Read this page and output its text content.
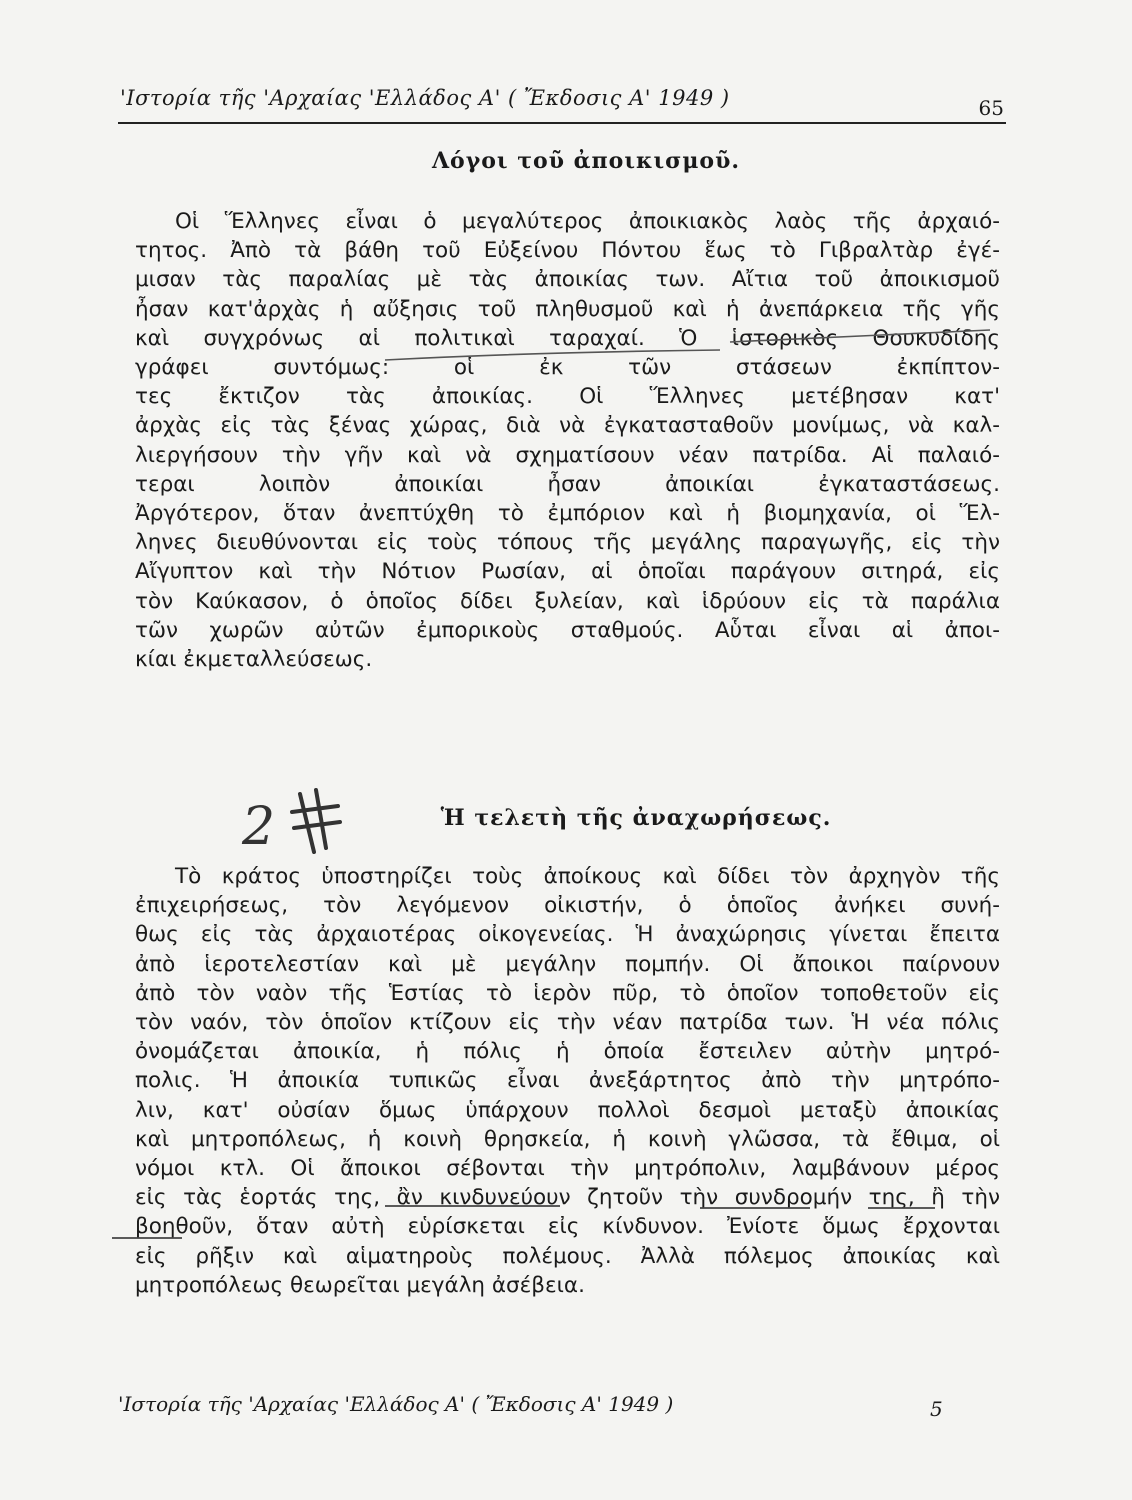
'Ιστορία τῆς 'Αρχαίας 'Ελλάδος Α' ( Ἔκδοσις Α' 1949 )	65
Λόγοι τοῦ ἀποικισμοῦ.
Οἱ Ἕλληνες εἶναι ὁ μεγαλύτερος ἀποικιακὸς λαὸς τῆς ἀρχαιό-
τητος. Ἀπὸ τὰ βάθη τοῦ Εὐξείνου Πόντου ἕως τὸ Γιβραλτὰρ ἐγέ-
μισαν τὰς παραλίας μὲ τὰς ἀποικίας των. Αἴτια τοῦ ἀποικισμοῦ
ἦσαν κατ'ἀρχὰς ἡ αὔξησις τοῦ πληθυσμοῦ καὶ ἡ ἀνεπάρκεια τῆς γῆς
καὶ συγχρόνως αἱ πολιτικαὶ ταραχαί. Ὁ ἱστορικὸς Θουκυδίδης
γράφει συντόμως: οἱ ἐκ τῶν στάσεων ἐκπίπτον-
τες ἔκτιζον τὰς ἀποικίας. Οἱ Ἕλληνες μετέβησαν κατ'
ἀρχὰς εἰς τὰς ξένας χώρας, διὰ νὰ ἐγκατασταθοῦν μονίμως, νὰ καλ-
λιεργήσουν τὴν γῆν καὶ νὰ σχηματίσουν νέαν πατρίδα. Αἱ παλαιό-
τεραι λοιπὸν ἀποικίαι ἦσαν ἀποικίαι ἐγκαταστάσεως.
Ἀργότερον, ὅταν ἀνεπτύχθη τὸ ἐμπόριον καὶ ἡ βιομηχανία, οἱ Ἕλ-
ληνες διευθύνονται εἰς τοὺς τόπους τῆς μεγάλης παραγωγῆς, εἰς τὴν
Αἴγυπτον καὶ τὴν Νότιον Ρωσίαν, αἱ ὁποῖαι παράγουν σιτηρά, εἰς
τὸν Καύκασον, ὁ ὁποῖος δίδει ξυλείαν, καὶ ἱδρύουν εἰς τὰ παράλια
τῶν χωρῶν αὐτῶν ἐμπορικοὺς σταθμούς. Αὗται εἶναι αἱ ἀποι-
κίαι ἐκμεταλλεύσεως.
2	Ἡ τελετὴ τῆς ἀναχωρήσεως.
Τὸ κράτος ὑποστηρίζει τοὺς ἀποίκους καὶ δίδει τὸν ἀρχηγὸν τῆς
ἐπιχειρήσεως, τὸν λεγόμενον οἰκιστήν, ὁ ὁποῖος ἀνήκει συνή-
θως εἰς τὰς ἀρχαιοτέρας οἰκογενείας. Ἡ ἀναχώρησις γίνεται ἔπειτα
ἀπὸ ἱεροτελεστίαν καὶ μὲ μεγάλην πομπήν. Οἱ ἄποικοι παίρνουν
ἀπὸ τὸν ναὸν τῆς Ἑστίας τὸ ἱερὸν πῦρ, τὸ ὁποῖον τοποθετοῦν εἰς
τὸν ναόν, τὸν ὁποῖον κτίζουν εἰς τὴν νέαν πατρίδα των. Ἡ νέα πόλις
ὀνομάζεται ἀποικία, ἡ πόλις ἡ ὁποία ἔστειλεν αὐτὴν μητρό-
πολις. Ἡ ἀποικία τυπικῶς εἶναι ἀνεξάρτητος ἀπὸ τὴν μητρόπο-
λιν, κατ' οὐσίαν ὅμως ὑπάρχουν πολλοὶ δεσμοὶ μεταξὺ ἀποικίας
καὶ μητροπόλεως, ἡ κοινὴ θρησκεία, ἡ κοινὴ γλῶσσα, τὰ ἔθιμα, οἱ
νόμοι κτλ. Οἱ ἄποικοι σέβονται τὴν μητρόπολιν, λαμβάνουν μέρος
εἰς τὰς ἑορτάς της, ἂν κινδυνεύουν ζητοῦν τὴν συνδρομήν της, ἢ τὴν
βοηθοῦν, ὅταν αὐτὴ εὑρίσκεται εἰς κίνδυνον. Ἐνίοτε ὅμως ἔρχονται
εἰς ρῆξιν καὶ αἱματηροὺς πολέμους. Ἀλλὰ πόλεμος ἀποικίας καὶ
μητροπόλεως θεωρεῖται μεγάλη ἀσέβεια.
'Ιστορία τῆς 'Αρχαίας 'Ελλάδος Α' ( Ἔκδοσις Α' 1949 )	5
